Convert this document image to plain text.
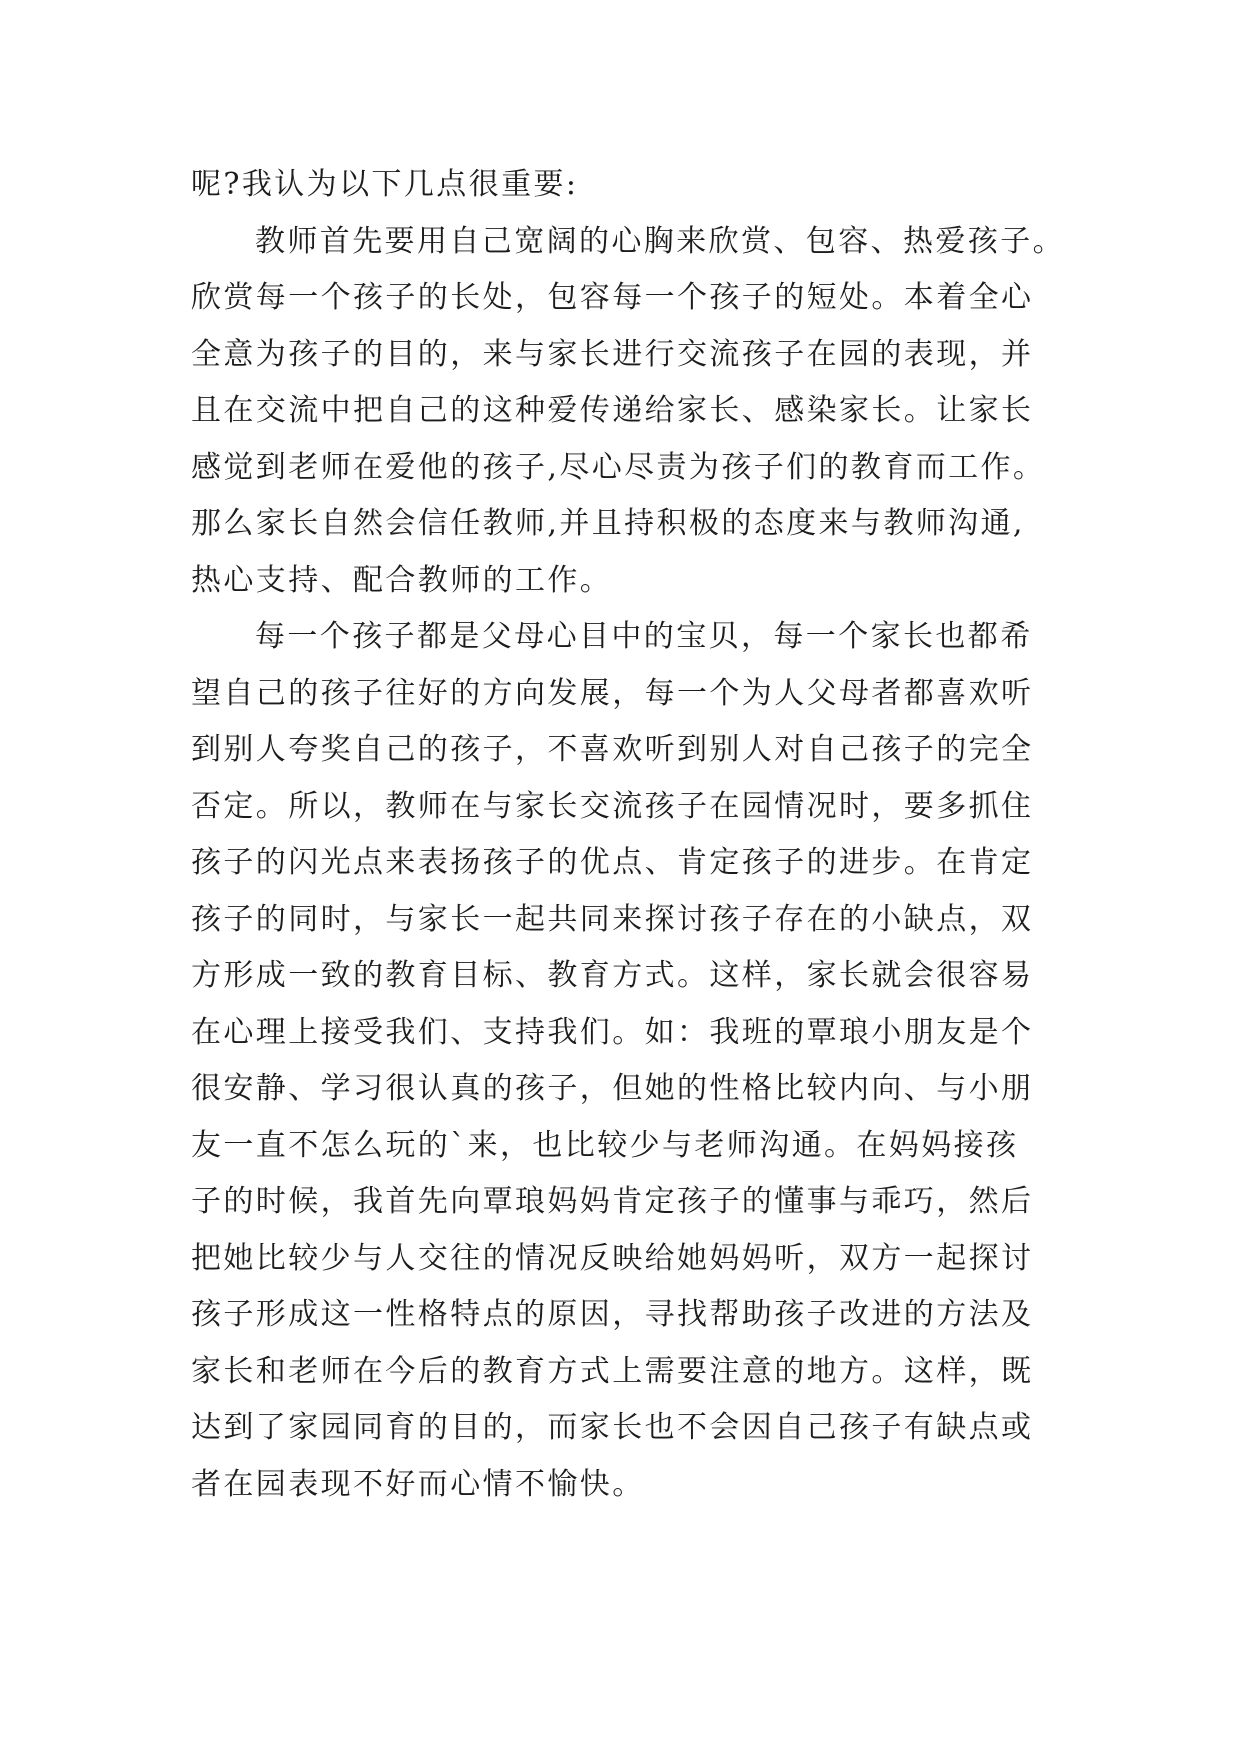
呢?我认为以下几点很重要:
教师首先要用自己宽阔的心胸来欣赏、包容、热爱孩子。
欣赏每一个孩子的长处，包容每一个孩子的短处。本着全心
全意为孩子的目的，来与家长进行交流孩子在园的表现，并
且在交流中把自己的这种爱传递给家长、感染家长。让家长
感觉到老师在爱他的孩子,尽心尽责为孩子们的教育而工作。
那么家长自然会信任教师,并且持积极的态度来与教师沟通,
热心支持、配合教师的工作。
每一个孩子都是父母心目中的宝贝，每一个家长也都希
望自己的孩子往好的方向发展，每一个为人父母者都喜欢听
到别人夸奖自己的孩子，不喜欢听到别人对自己孩子的完全
否定。所以，教师在与家长交流孩子在园情况时，要多抓住
孩子的闪光点来表扬孩子的优点、肯定孩子的进步。在肯定
孩子的同时，与家长一起共同来探讨孩子存在的小缺点，双
方形成一致的教育目标、教育方式。这样，家长就会很容易
在心理上接受我们、支持我们。如：我班的覃琅小朋友是个
很安静、学习很认真的孩子，但她的性格比较内向、与小朋
友一直不怎么玩的`来，也比较少与老师沟通。在妈妈接孩
子的时候，我首先向覃琅妈妈肯定孩子的懂事与乖巧，然后
把她比较少与人交往的情况反映给她妈妈听，双方一起探讨
孩子形成这一性格特点的原因，寻找帮助孩子改进的方法及
家长和老师在今后的教育方式上需要注意的地方。这样，既
达到了家园同育的目的，而家长也不会因自己孩子有缺点或
者在园表现不好而心情不愉快。
